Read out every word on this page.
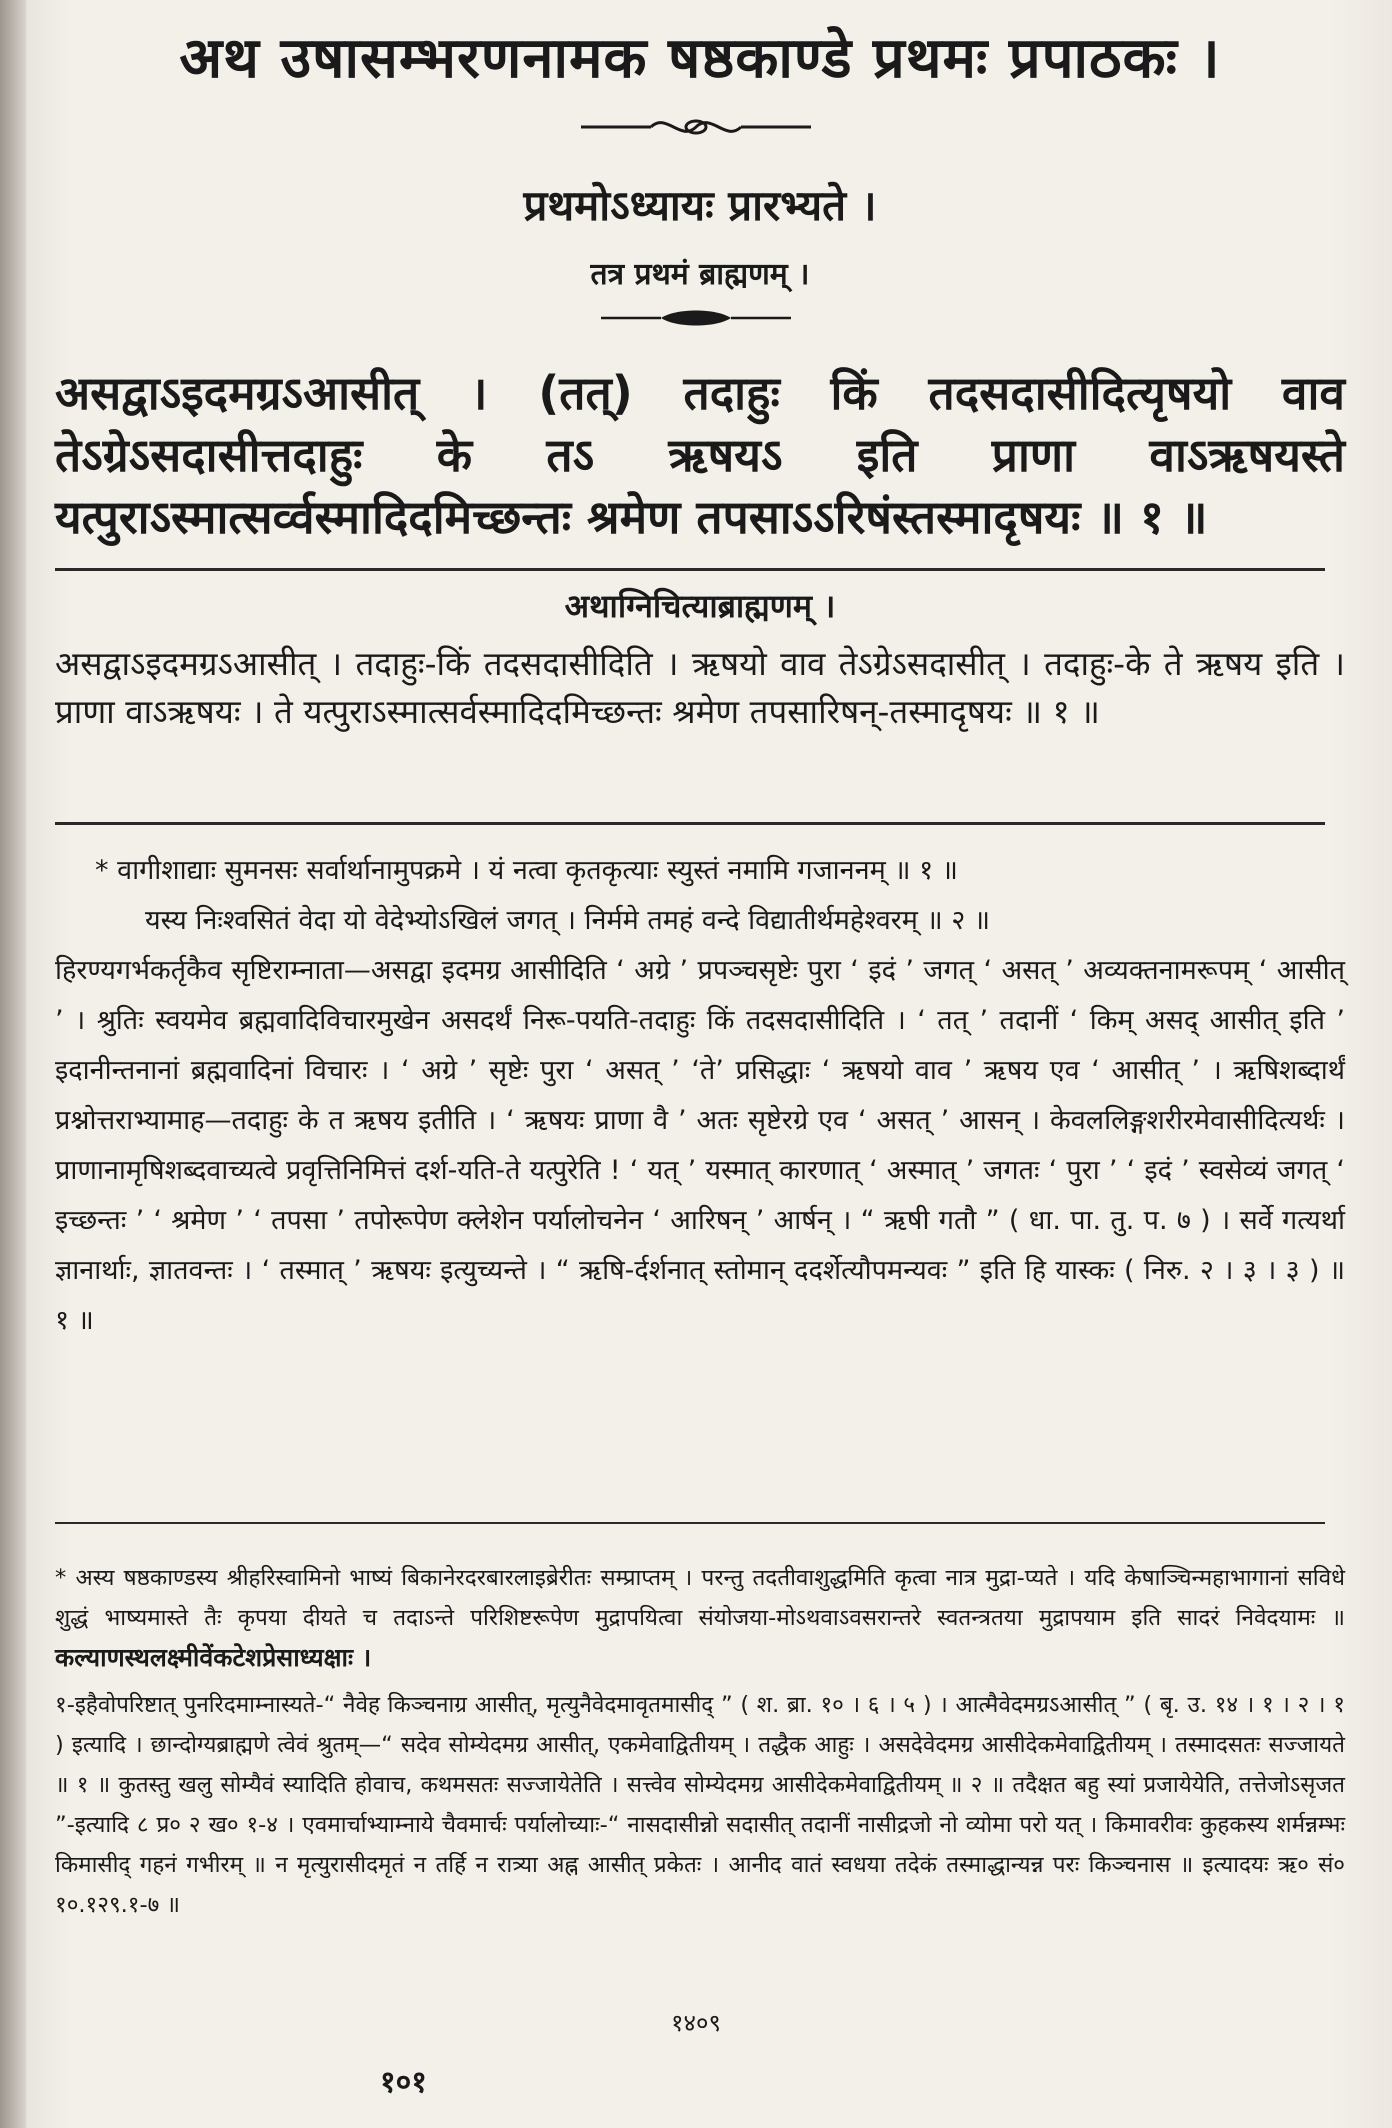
अथ उषासम्भरणनामक षष्ठकाण्डे प्रथमः प्रपाठकः ।
प्रथमोऽध्यायः प्रारभ्यते ।
तत्र प्रथमं ब्राह्मणम् ।

असद्वाऽइदमग्रऽआसीत् । (तत्) तदाहुः किं तदसदासीदित्यृषयो वाव तेऽग्रेऽसदासीत्तदाहुः के तऽ ऋषयऽ इति प्राणा वाऽऋषयस्ते यत्पुराऽस्मात्सर्व्वस्मादिदमिच्छन्तः श्रमेण तपसाऽऽरिषंस्तस्मादृषयः ॥ १ ॥

अथाग्निचित्याब्राह्मणम् ।

असद्वाऽइदमग्रऽआसीत् । तदाहुः-किं तदसदासीदिति । ऋषयो वाव तेऽग्रेऽसदासीत् । तदाहुः-के ते ऋषय इति । प्राणा वाऽऋषयः । ते यत्पुराऽस्मात्सर्वस्मादिदमिच्छन्तः श्रमेण तपसारिषन्-तस्मादृषयः ॥ १ ॥

* वागीशाद्याः सुमनसः सर्वार्थानामुपक्रमे । यं नत्वा कृतकृत्याः स्युस्तं नमामि गजाननम् ॥ १ ॥
यस्य निःश्वसितं वेदा यो वेदेभ्योऽखिलं जगत् । निर्ममे तमहं वन्दे विद्यातीर्थमहेश्वरम् ॥ २ ॥
हिरण्यगर्भकर्तृकैव सृष्टिराम्नाता—असद्वा इदमग्र आसीदिति ‘ अग्रे ’ प्रपञ्चसृष्टेः पुरा ‘ इदं ’ जगत् ‘ असत् ’ अव्यक्तनामरूपम् ‘ आसीत् ’ । श्रुतिः स्वयमेव ब्रह्मवादिविचारमुखेन असदर्थं निरू-पयति-तदाहुः किं तदसदासीदिति । ‘ तत् ’ तदानीं ‘ किम् असद् आसीत् इति ’ इदानीन्तनानां ब्रह्मवादिनां विचारः । ‘ अग्रे ’ सृष्टेः पुरा ‘ असत् ’ ‘ते’ प्रसिद्धाः ‘ ऋषयो वाव ’ ऋषय एव ‘ आसीत् ’ । ऋषिशब्दार्थं प्रश्नोत्तराभ्यामाह—तदाहुः के त ऋषय इतीति । ‘ ऋषयः प्राणा वै ’ अतः सृष्टेरग्रे एव ‘ असत् ’ आसन् । केवललिङ्गशरीरमेवासीदित्यर्थः । प्राणानामृषिशब्दवाच्यत्वे प्रवृत्तिनिमित्तं दर्श-यति-ते यत्पुरेति ! ‘ यत् ’ यस्मात् कारणात् ‘ अस्मात् ’ जगतः ‘ पुरा ’ ‘ इदं ’ स्वसेव्यं जगत् ‘ इच्छन्तः ’ ‘ श्रमेण ’ ‘ तपसा ’ तपोरूपेण क्लेशेन पर्यालोचनेन ‘ आरिषन् ’ आर्षन् । “ ऋषी गतौ ” ( धा. पा. तु. प. ७ ) । सर्वे गत्यर्था ज्ञानार्थाः, ज्ञातवन्तः । ‘ तस्मात् ’ ऋषयः इत्युच्यन्ते । “ ऋषि-र्दर्शनात् स्तोमान् ददर्शेत्यौपमन्यवः ” इति हि यास्कः ( निरु. २ । ३ । ३ ) ॥ १ ॥

* अस्य षष्ठकाण्डस्य श्रीहरिस्वामिनो भाष्यं बिकानेरदरबारलाइब्रेरीतः सम्प्राप्तम् । परन्तु तदतीवाशुद्धमिति कृत्वा नात्र मुद्रा-प्यते । यदि केषाञ्चिन्महाभागानां सविधे शुद्धं भाष्यमास्ते तैः कृपया दीयते च तदाऽन्ते परिशिष्टरूपेण मुद्रापयित्वा संयोजया-मोऽथवाऽवसरान्तरे स्वतन्त्रतया मुद्रापयाम इति सादरं निवेदयामः ॥ कल्याणस्थलक्ष्मीवेंकटेशप्रेसाध्यक्षाः ।

१-इहैवोपरिष्टात् पुनरिदमाम्नास्यते-“ नैवेह किञ्चनाग्र आसीत्, मृत्युनैवेदमावृतमासीद् ” ( श. ब्रा. १० । ६ । ५ ) । आत्मैवेदमग्रऽआसीत् ” ( बृ. उ. १४ । १ । २ । १ ) इत्यादि । छान्दोग्यब्राह्मणे त्वेवं श्रुतम्—“ सदेव सोम्येदमग्र आसीत्, एकमेवाद्वितीयम् । तद्धैक आहुः । असदेवेदमग्र आसीदेकमेवाद्वितीयम् । तस्मादसतः सज्जायते ॥ १ ॥ कुतस्तु खलु सोम्यैवं स्यादिति होवाच, कथमसतः सज्जायेतेति । सत्त्वेव सोम्येदमग्र आसीदेकमेवाद्वितीयम् ॥ २ ॥ तदैक्षत बहु स्यां प्रजायेयेति, तत्तेजोऽसृजत ”-इत्यादि ८ प्र० २ ख० १-४ । एवमार्चाभ्याम्नाये चैवमार्चः पर्यालोच्याः-“ नासदासीन्नो सदासीत् तदानीं नासीद्रजो नो व्योमा परो यत् । किमावरीवः कुहकस्य शर्मन्नम्भः किमासीद् गहनं गभीरम् ॥ न मृत्युरासीदमृतं न तर्हि न रात्र्या अह्न आसीत् प्रकेतः । आनीद वातं स्वधया तदेकं तस्माद्धान्यन्न परः किञ्चनास ॥ इत्यादयः ऋ० सं० १०.१२९.१-७ ॥

१४०९
१०१
